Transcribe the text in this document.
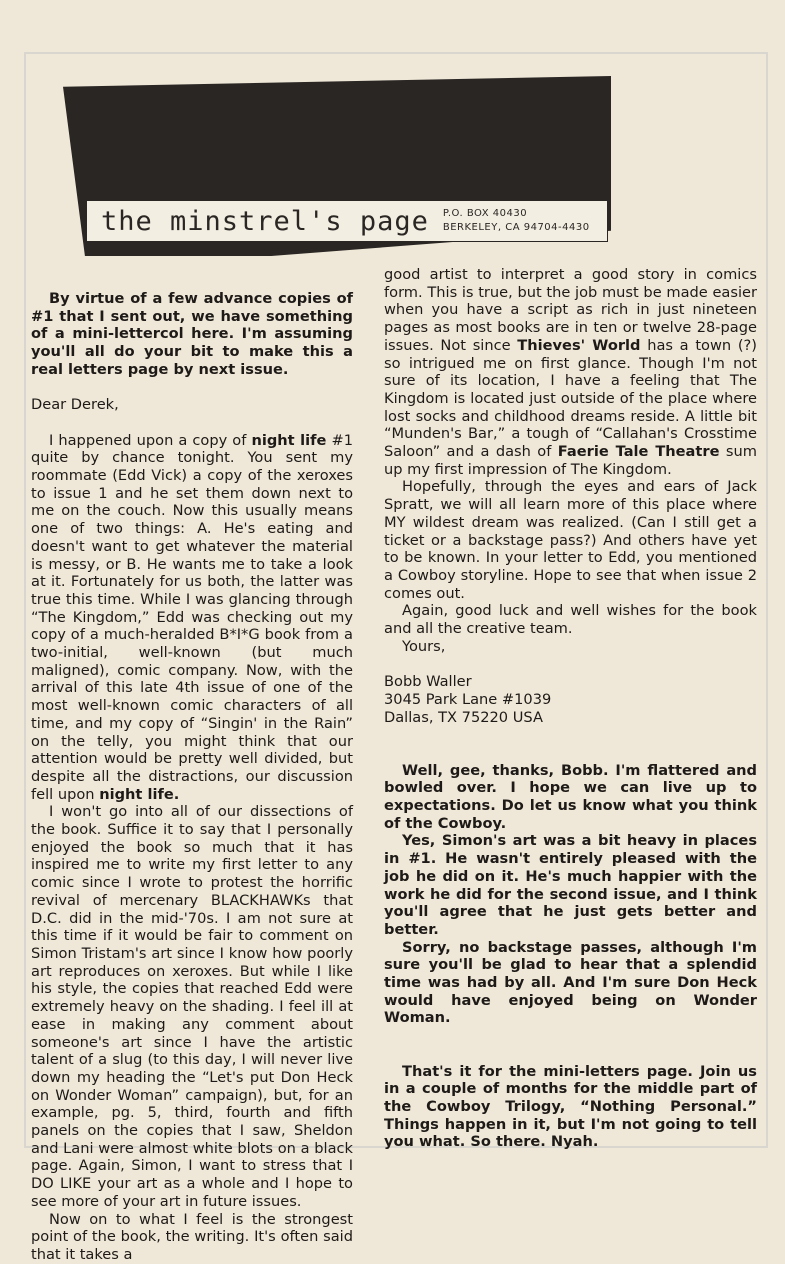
the minstrel's page P.O. BOX 40430
BERKELEY, CA 94704-4430

By virtue of a few advance copies of #1 that I sent out, we have something of a mini-lettercol here. I'm assuming you'll all do your bit to make this a real letters page by next issue.

Dear Derek,

I happened upon a copy of night life #1 quite by chance tonight. You sent my roommate (Edd Vick) a copy of the xeroxes to issue 1 and he set them down next to me on the couch. Now this usually means one of two things: A. He's eating and doesn't want to get whatever the material is messy, or B. He wants me to take a look at it. Fortunately for us both, the latter was true this time. While I was glancing through “The Kingdom,” Edd was checking out my copy of a much-heralded B*I*G book from a two-initial, well-known (but much maligned), comic company. Now, with the arrival of this late 4th issue of one of the most well-known comic characters of all time, and my copy of “Singin' in the Rain” on the telly, you might think that our attention would be pretty well divided, but despite all the distractions, our discussion fell upon night life.

I won't go into all of our dissections of the book. Suffice it to say that I personally enjoyed the book so much that it has inspired me to write my first letter to any comic since I wrote to protest the horrific revival of mercenary BLACKHAWKs that D.C. did in the mid-'70s. I am not sure at this time if it would be fair to comment on Simon Tristam's art since I know how poorly art reproduces on xeroxes. But while I like his style, the copies that reached Edd were extremely heavy on the shading. I feel ill at ease in making any comment about someone's art since I have the artistic talent of a slug (to this day, I will never live down my heading the “Let's put Don Heck on Wonder Woman” campaign), but, for an example, pg. 5, third, fourth and fifth panels on the copies that I saw, Sheldon and Lani were almost white blots on a black page. Again, Simon, I want to stress that I DO LIKE your art as a whole and I hope to see more of your art in future issues.

Now on to what I feel is the strongest point of the book, the writing. It's often said that it takes a

good artist to interpret a good story in comics form. This is true, but the job must be made easier when you have a script as rich in just nineteen pages as most books are in ten or twelve 28-page issues. Not since Thieves' World has a town (?) so intrigued me on first glance. Though I'm not sure of its location, I have a feeling that The Kingdom is located just outside of the place where lost socks and childhood dreams reside. A little bit “Munden's Bar,” a tough of “Callahan's Crosstime Saloon” and a dash of Faerie Tale Theatre sum up my first impression of The Kingdom.

Hopefully, through the eyes and ears of Jack Spratt, we will all learn more of this place where MY wildest dream was realized. (Can I still get a ticket or a backstage pass?) And others have yet to be known. In your letter to Edd, you mentioned a Cowboy storyline. Hope to see that when issue 2 comes out.

Again, good luck and well wishes for the book and all the creative team.

Yours,

Bobb Waller

3045 Park Lane #1039

Dallas, TX 75220 USA

Well, gee, thanks, Bobb. I'm flattered and bowled over. I hope we can live up to expectations. Do let us know what you think of the Cowboy.

Yes, Simon's art was a bit heavy in places in #1. He wasn't entirely pleased with the job he did on it. He's much happier with the work he did for the second issue, and I think you'll agree that he just gets better and better.

Sorry, no backstage passes, although I'm sure you'll be glad to hear that a splendid time was had by all. And I'm sure Don Heck would have enjoyed being on Wonder Woman.

That's it for the mini-letters page. Join us in a couple of months for the middle part of the Cowboy Trilogy, “Nothing Personal.” Things happen in it, but I'm not going to tell you what. So there. Nyah.
